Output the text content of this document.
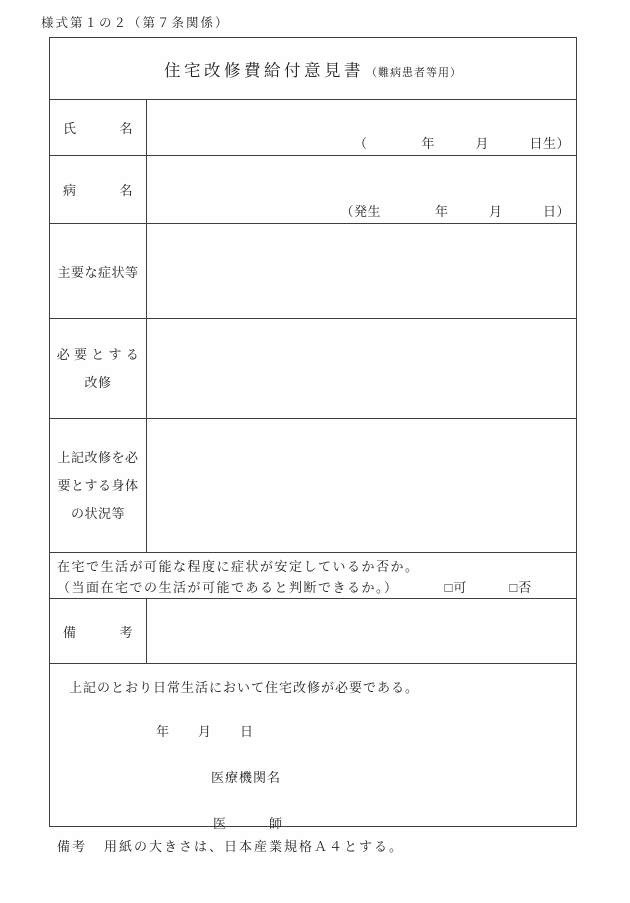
様式第１の２（第７条関係）
住宅改修費給付意見書 （難病患者等用）
氏	名
（　　　　年　　　月　　　日生）
病	名
（発生　　　　年　　　月　　　日）
主要な症状等
必 要 と す る
改修
上記改修を必
要とする身体
の状況等
在宅で生活が可能な程度に症状が安定しているか否か。
（当面在宅での生活が可能であると判断できるか。）	□可	□否
備	考

上記のとおり日常生活において住宅改修が必要である。

年　　月　　日

医療機関名

医　　　師

備考 用紙の大きさは、日本産業規格Ａ４とする。
